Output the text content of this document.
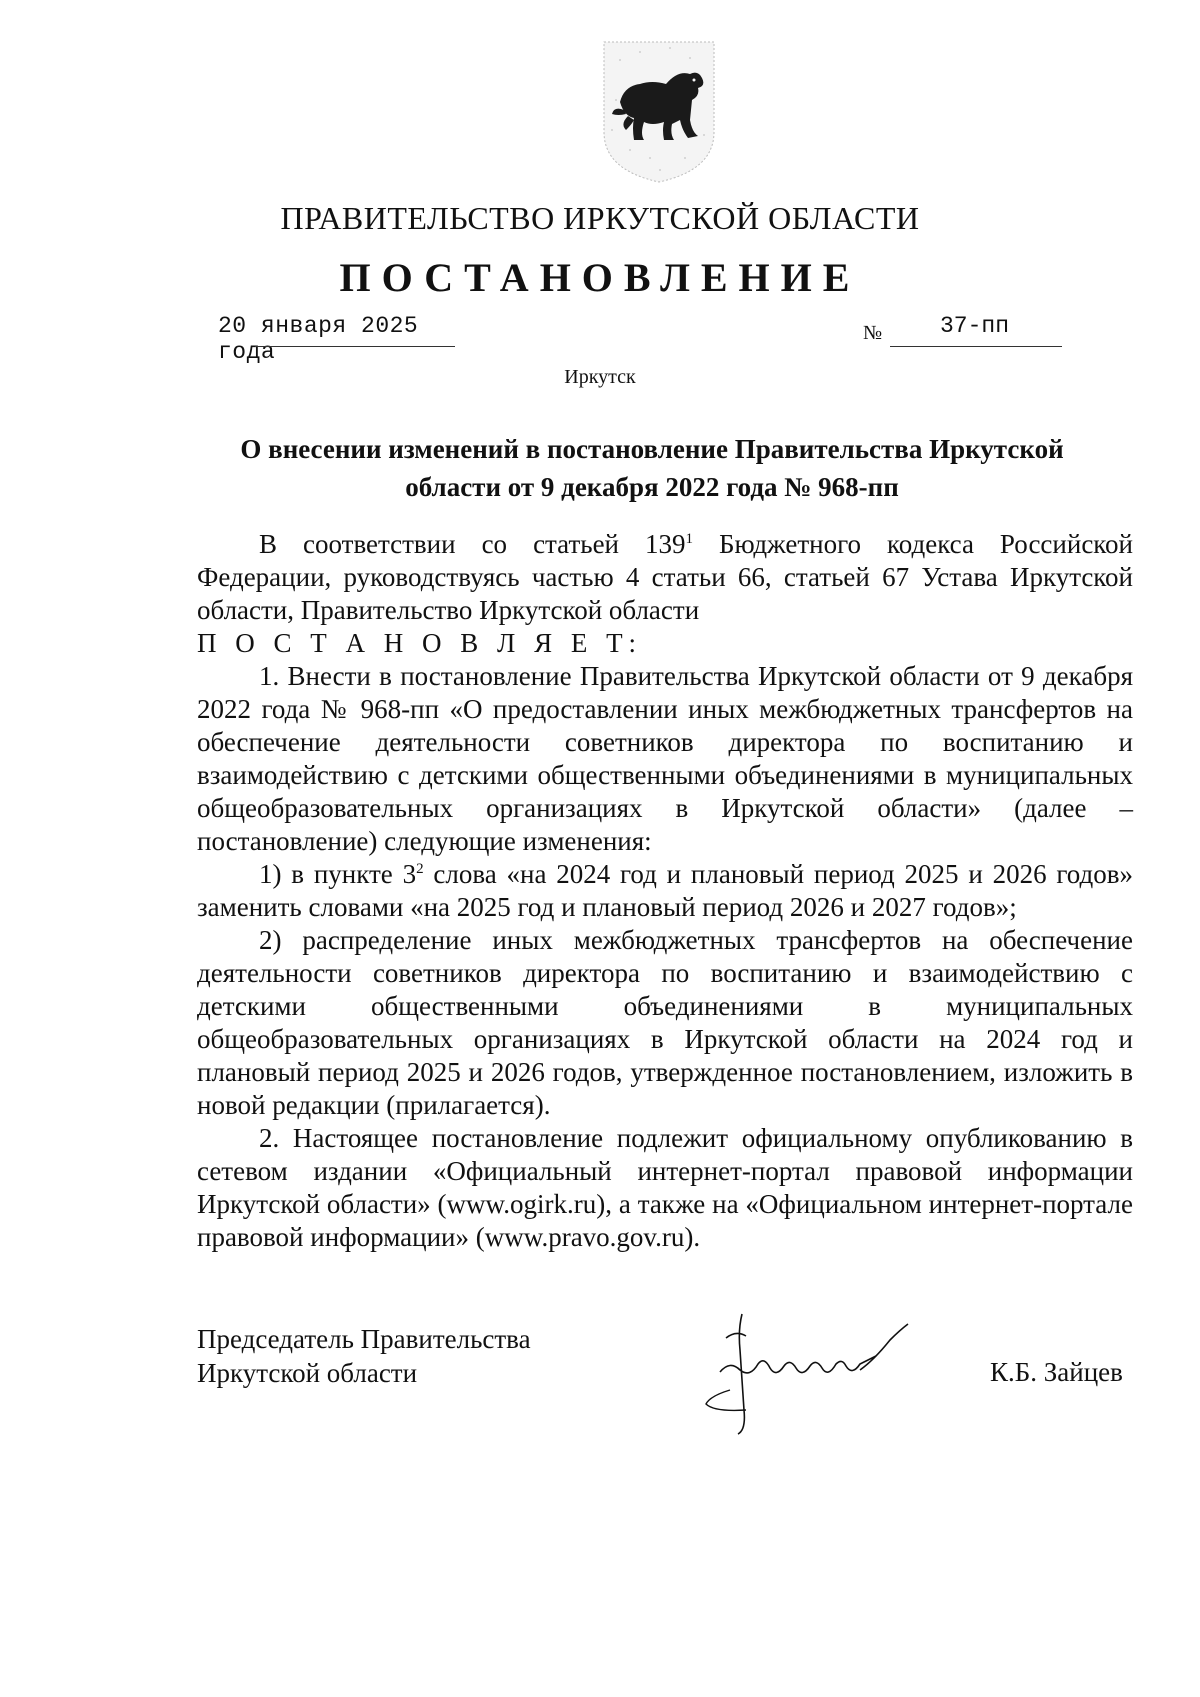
ПРАВИТЕЛЬСТВО ИРКУТСКОЙ ОБЛАСТИ
ПОСТАНОВЛЕНИЕ
20 января 2025 года
№	37-пп
Иркутск
О внесении изменений в постановление Правительства Иркутской
области от 9 декабря 2022 года № 968-пп

В соответствии со статьей $139^1$ Бюджетного кодекса Российской Федерации, руководствуясь частью 4 статьи 66, статьей 67 Устава Иркутской области, Правительство Иркутской области

П О С Т А Н О В Л Я Е Т:

1. Внести в постановление Правительства Иркутской области от 9 декабря 2022 года № 968-пп «О предоставлении иных межбюджетных трансфертов на обеспечение деятельности советников директора по воспитанию и взаимодействию с детскими общественными объединениями в муниципальных общеобразовательных организациях в Иркутской области» (далее – постановление) следующие изменения:

1) в пункте $3^2$ слова «на 2024 год и плановый период 2025 и 2026 годов» заменить словами «на 2025 год и плановый период 2026 и 2027 годов»;

2) распределение иных межбюджетных трансфертов на обеспечение деятельности советников директора по воспитанию и взаимодействию с детскими общественными объединениями в муниципальных общеобразовательных организациях в Иркутской области на 2024 год и плановый период 2025 и 2026 годов, утвержденное постановлением, изложить в новой редакции (прилагается).

2. Настоящее постановление подлежит официальному опубликованию в сетевом издании «Официальный интернет-портал правовой информации Иркутской области» (www.ogirk.ru), а также на «Официальном интернет-портале правовой информации» (www.pravo.gov.ru).

Председатель Правительства
Иркутской области	К.Б. Зайцев
